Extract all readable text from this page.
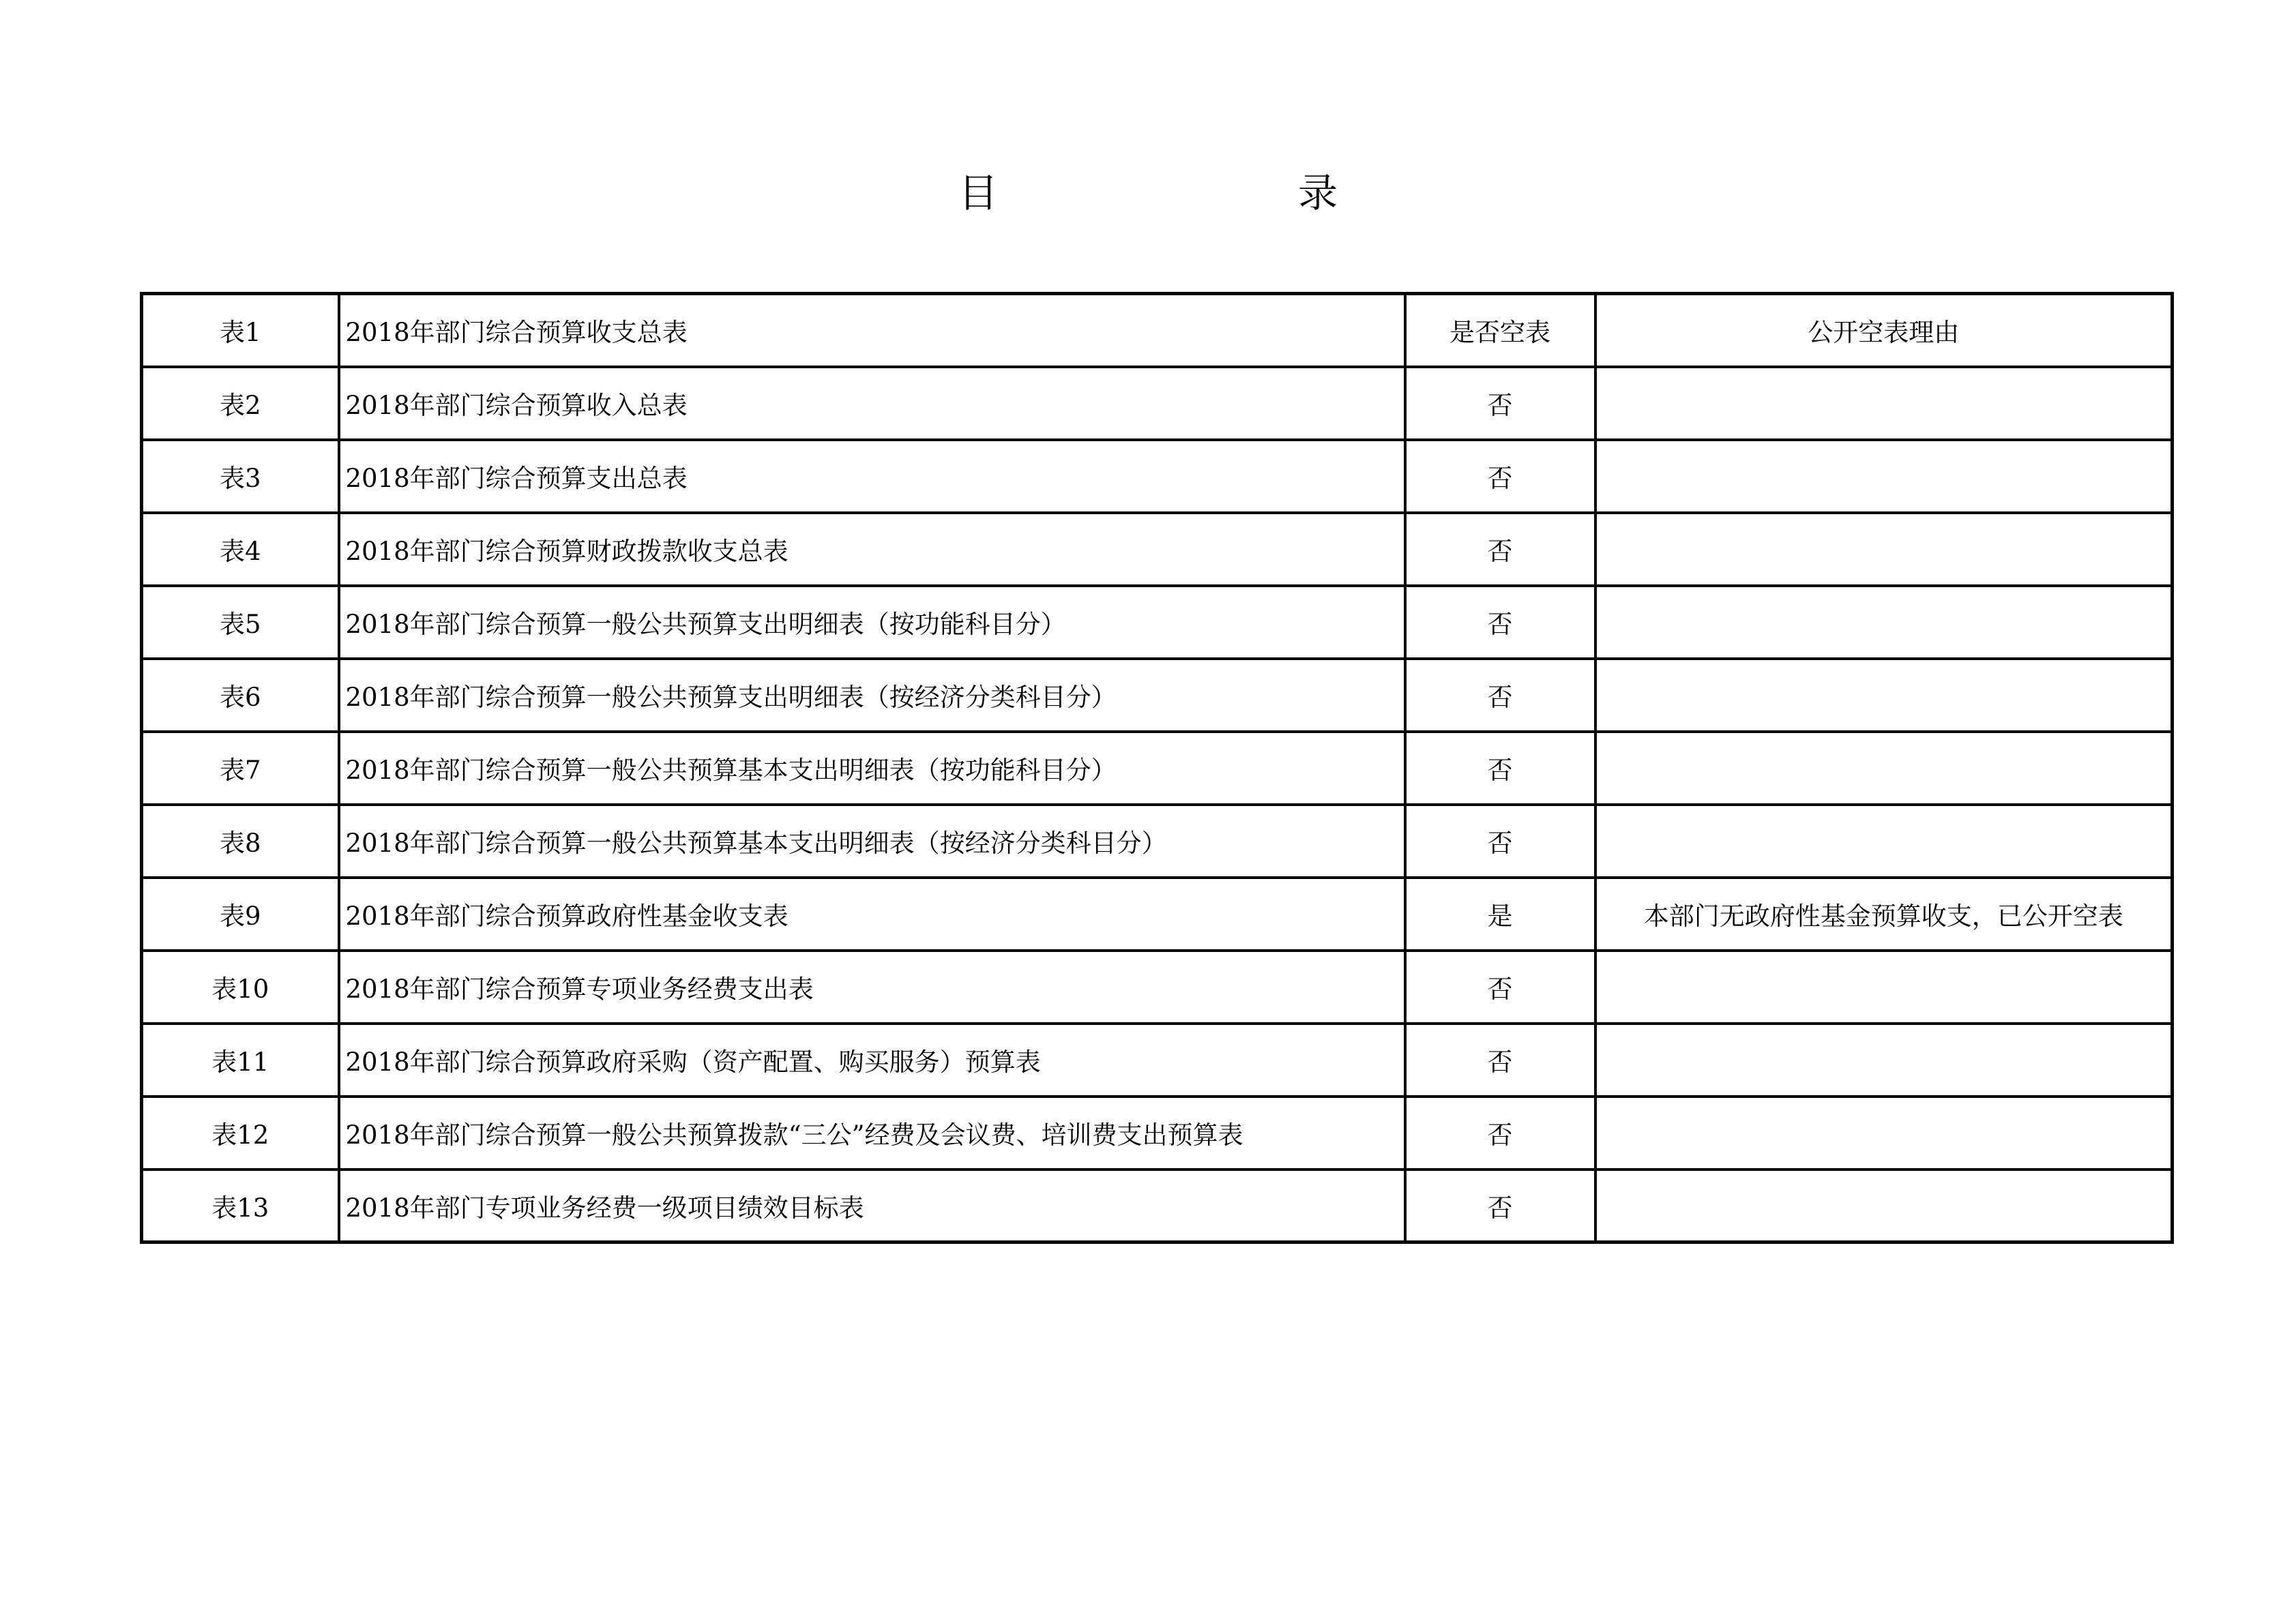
目　　录
表1	2018年部门综合预算收支总表	是否空表	公开空表理由
表2	2018年部门综合预算收入总表	否	
表3	2018年部门综合预算支出总表	否	
表4	2018年部门综合预算财政拨款收支总表	否	
表5	2018年部门综合预算一般公共预算支出明细表（按功能科目分）	否	
表6	2018年部门综合预算一般公共预算支出明细表（按经济分类科目分）	否	
表7	2018年部门综合预算一般公共预算基本支出明细表（按功能科目分）	否	
表8	2018年部门综合预算一般公共预算基本支出明细表（按经济分类科目分）	否	
表9	2018年部门综合预算政府性基金收支表	是	本部门无政府性基金预算收支，已公开空表
表10	2018年部门综合预算专项业务经费支出表	否	
表11	2018年部门综合预算政府采购（资产配置、购买服务）预算表	否	
表12	2018年部门综合预算一般公共预算拨款“三公”经费及会议费、培训费支出预算表	否	
表13	2018年部门专项业务经费一级项目绩效目标表	否	
